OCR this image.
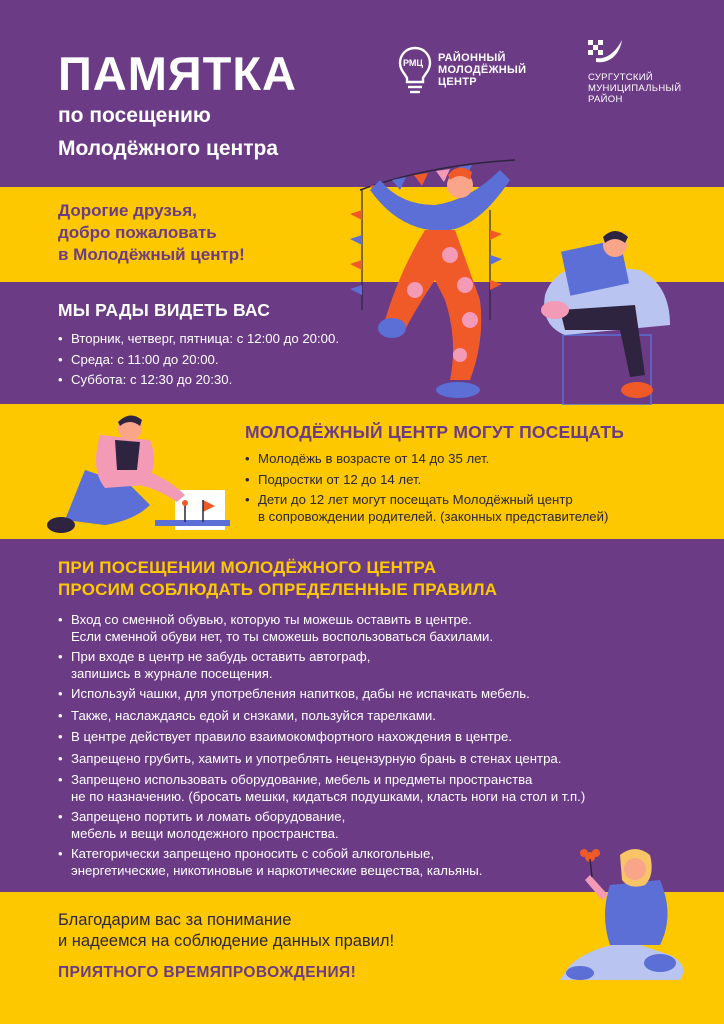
ПАМЯТКА
по посещению
Молодёжного центра
РМЦ РАЙОННЫЙ
МОЛОДЁЖНЫЙ
ЦЕНТР	СУРГУТСКИЙ
МУНИЦИПАЛЬНЫЙ
РАЙОН
Дорогие друзья,
добро пожаловать
в Молодёжный центр!
МЫ РАДЫ ВИДЕТЬ ВАС
• Вторник, четверг, пятница: с 12:00 до 20:00.
• Среда: с 11:00 до 20:00.
• Суббота: с 12:30 до 20:30.
МОЛОДЁЖНЫЙ ЦЕНТР МОГУТ ПОСЕЩАТЬ
• Молодёжь в возрасте от 14 до 35 лет.
• Подростки от 12 до 14 лет.
• Дети до 12 лет могут посещать Молодёжный центр
в сопровождении родителей. (законных представителей)
ПРИ ПОСЕЩЕНИИ МОЛОДЁЖНОГО ЦЕНТРА
ПРОСИМ СОБЛЮДАТЬ ОПРЕДЕЛЕННЫЕ ПРАВИЛА
• Вход со сменной обувью, которую ты можешь оставить в центре.
Если сменной обуви нет, то ты сможешь воспользоваться бахилами.
• При входе в центр не забудь оставить автограф,
запишись в журнале посещения.
• Используй чашки, для употребления напитков, дабы не испачкать мебель.
• Также, наслаждаясь едой и снэками, пользуйся тарелками.
• В центре действует правило взаимокомфортного нахождения в центре.
• Запрещено грубить, хамить и употреблять нецензурную брань в стенах центра.
• Запрещено использовать оборудование, мебель и предметы пространства
не по назначению. (бросать мешки, кидаться подушками, класть ноги на стол и т.п.)
• Запрещено портить и ломать оборудование,
мебель и вещи молодежного пространства.
• Категорически запрещено проносить с собой алкогольные,
энергетические, никотиновые и наркотические вещества, кальяны.
Благодарим вас за понимание
и надеемся на соблюдение данных правил!
ПРИЯТНОГО ВРЕМЯПРОВОЖДЕНИЯ!
